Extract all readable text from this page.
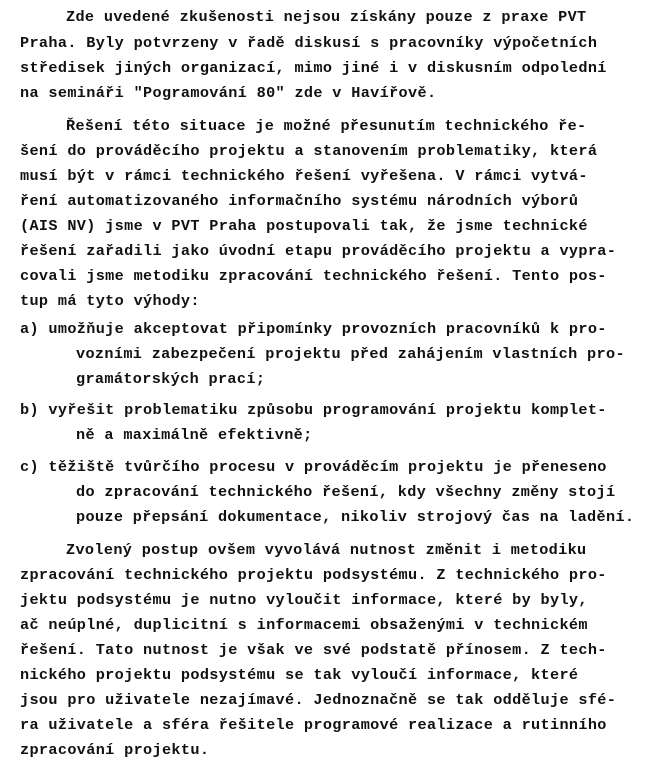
Zde uvedené zkušenosti nejsou získány pouze z praxe PVT
Praha. Byly potvrzeny v řadě diskusí s pracovníky výpočetních
středisek jiných organizací, mimo jiné i v diskusním odpolední
na semináři "Pogramování 80" zde v Havířově.
Řešení této situace je možné přesunutím technického ře-
šení do prováděcího projektu a stanovením problematiky, která
musí být v rámci technického řešení vyřešena. V rámci vytvá-
ření automatizovaného informačního systému národních výborů
(AIS NV) jsme v PVT Praha postupovali tak, že jsme technické
řešení zařadili jako úvodní etapu prováděcího projektu a vypra-
covali jsme metodiku zpracování technického řešení. Tento pos-
tup má tyto výhody:
a) umožňuje akceptovat připomínky provozních pracovníků k pro-
vozními zabezpečení projektu před zahájením vlastních pro-
gramátorských prací;
b) vyřešit problematiku způsobu programování projektu komplet-
ně a maximálně efektivně;
c) těžiště tvůrčího procesu v prováděcím projektu je přeneseno
do zpracování technického řešení, kdy všechny změny stojí
pouze přepsání dokumentace, nikoliv strojový čas na ladění.
Zvolený postup ovšem vyvolává nutnost změnit i metodiku
zpracování technického projektu podsystému. Z technického pro-
jektu podsystému je nutno vyloučit informace, které by byly,
ač neúplné, duplicitní s informacemi obsaženými v technickém
řešení. Tato nutnost je však ve své podstatě přínosem. Z tech-
nického projektu podsystému se tak vyloučí informace, které
jsou pro uživatele nezajímavé. Jednoznačně se tak odděluje sfé-
ra uživatele a sféra řešitele programové realizace a rutinního
zpracování projektu.
